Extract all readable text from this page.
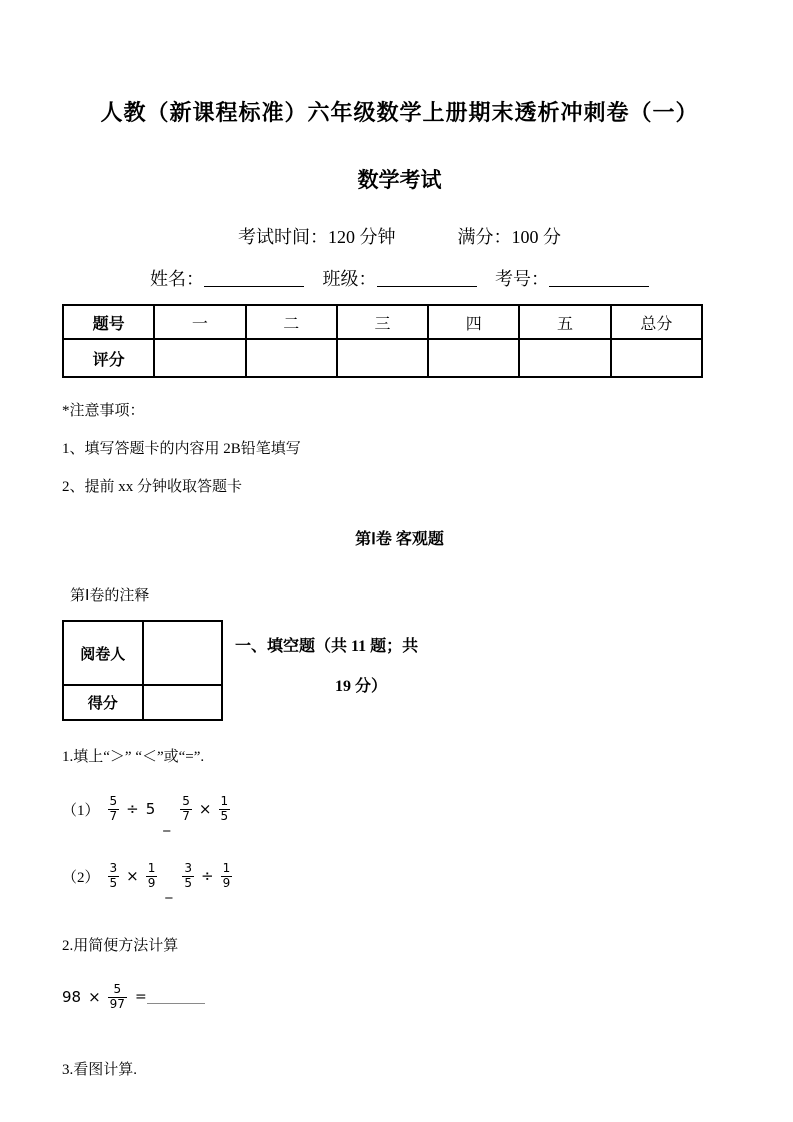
人教（新课程标准）六年级数学上册期末透析冲刺卷（一）
数学考试
考试时间：120 分钟	满分：100 分
姓名：	班级：	考号：
题号	一	二	三	四	五	总分
评分						

*注意事项：

1、填写答题卡的内容用 2B铅笔填写

2、提前 xx 分钟收取答题卡

第Ⅰ卷 客观题
第Ⅰ卷的注释
阅卷人	
得分	
一、填空题（共 11 题；共
19 分）
1.填上“＞” “＜”或“=”.
$(1) \frac{5}{7} \div 5$
_
$\frac{5}{7} \times \frac{1}{5}$
$(2) \frac{3}{5} \times \frac{1}{9}$
_
$\frac{3}{5} \div \frac{1}{9}$
2.用简便方法计算
$98 \times \frac{5}{97}$ =
3.看图计算.
